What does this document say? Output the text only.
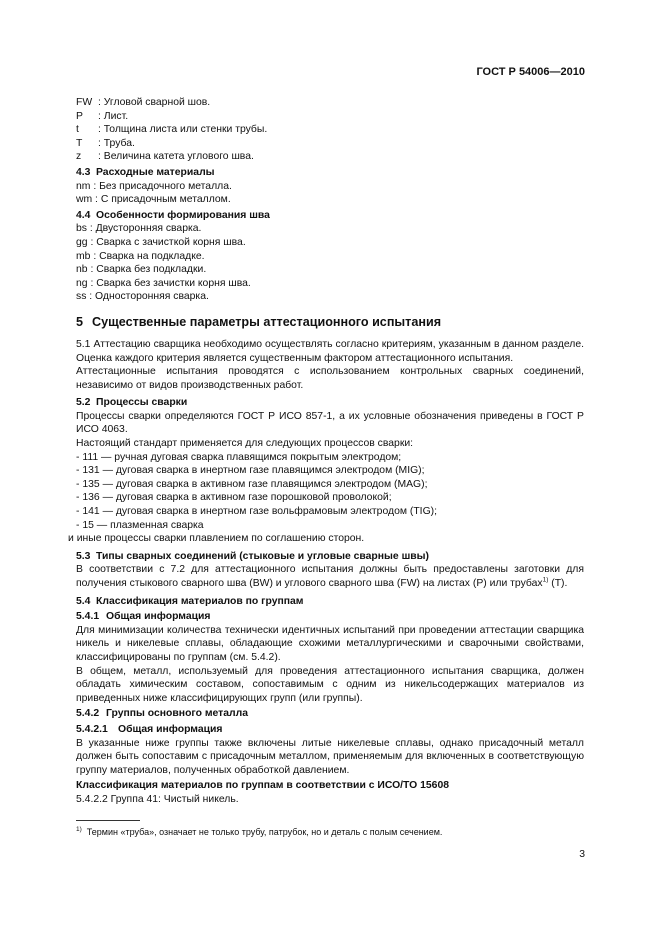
ГОСТ Р 54006—2010
FW : Угловой сварной шов.
P	: Лист.
t	: Толщина листа или стенки трубы.
T	: Труба.
z	: Величина катета углового шва.
4.3 Расходные материалы
nm : Без присадочного металла.
wm : С присадочным металлом.
4.4 Особенности формирования шва
bs : Двусторонняя сварка.
gg : Сварка с зачисткой корня шва.
mb : Сварка на подкладке.
nb : Сварка без подкладки.
ng : Сварка без зачистки корня шва.
ss : Односторонняя сварка.
5 Существенные параметры аттестационного испытания
5.1 Аттестацию сварщика необходимо осуществлять согласно критериям, указанным в данном разделе. Оценка каждого критерия является существенным фактором аттестационного испытания.
Аттестационные испытания проводятся с использованием контрольных сварных соединений, независимо от видов производственных работ.
5.2 Процессы сварки
Процессы сварки определяются ГОСТ Р ИСО 857-1, а их условные обозначения приведены в ГОСТ Р ИСО 4063.
Настоящий стандарт применяется для следующих процессов сварки:
- 111 — ручная дуговая сварка плавящимся покрытым электродом;
- 131 — дуговая сварка в инертном газе плавящимся электродом (MIG);
- 135 — дуговая сварка в активном газе плавящимся электродом (MAG);
- 136 — дуговая сварка в активном газе порошковой проволокой;
- 141 — дуговая сварка в инертном газе вольфрамовым электродом (TIG);
- 15 — плазменная сварка
и иные процессы сварки плавлением по соглашению сторон.
5.3 Типы сварных соединений (стыковые и угловые сварные швы)
В соответствии с 7.2 для аттестационного испытания должны быть предоставлены заготовки для получения стыкового сварного шва (BW) и углового сварного шва (FW) на листах (P) или трубах$^{1)}$ (T).
5.4 Классификация материалов по группам
5.4.1 Общая информация
Для минимизации количества технически идентичных испытаний при проведении аттестации сварщика никель и никелевые сплавы, обладающие схожими металлургическими и сварочными свойствами, классифицированы по группам (см. 5.4.2).
В общем, металл, используемый для проведения аттестационного испытания сварщика, должен обладать химическим составом, сопоставимым с одним из никельсодержащих материалов из приведенных ниже классифицирующих групп (или группы).
5.4.2 Группы основного металла
5.4.2.1 Общая информация
В указанные ниже группы также включены литые никелевые сплавы, однако присадочный металл должен быть сопоставим с присадочным металлом, применяемым для включенных в соответствующую группу материалов, полученных обработкой давлением.
Классификация материалов по группам в соответствии с ИСО/ТО 15608
5.4.2.2 Группа 41: Чистый никель.
$^{1)}$ Термин «труба», означает не только трубу, патрубок, но и деталь с полым сечением.
3
